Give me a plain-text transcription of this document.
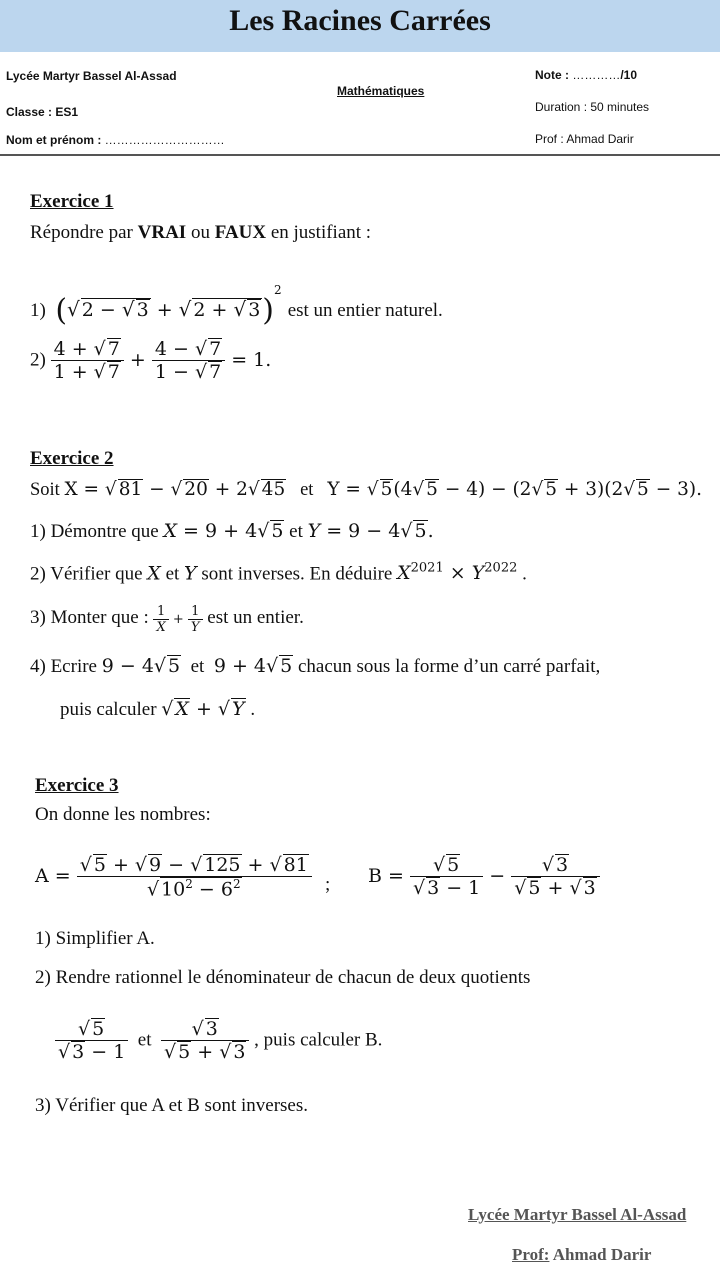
Les Racines Carrées
Lycée Martyr Bassel Al-Assad
Classe : ES1
Nom et prénom : …………………………
Mathématiques
Note : …………/10
Duration : 50 minutes
Prof : Ahmad Darir
Exercice 1
Répondre par VRAI ou FAUX en justifiant :
1) (√ 2 − √ 3 + √ 2 + √ 3)$^2$ est un entier naturel.
$2) \frac{4 + √ 7}{1 + √ 7} + \frac{4 - √ 7}{1 - √ 7} = 1$.
Exercice 2
Soit X = √ 81 − √ 20 + 2√ 45 et Y = √ 5(4√ 5 − 4) − (2√ 5 + 3)(2√ 5 − 3).
1) Démontre que X = 9 + 4√ 5 et Y = 9 − 4√ 5.
2) Vérifier que X et Y sont inverses. En déduire $X^{2021} \times Y^{2022}$ .
3) Monter que : $\frac{1}{X} + \frac{1}{Y}$ est un entier.
4) Ecrire 9 − 4√ 5  et  9 + 4√ 5 chacun sous la forme d’un carré parfait,
puis calculer √ X + √ Y .
Exercice 3
On donne les nombres:
$A = \frac{√ 5 + √ 9 - √ 125 + √ 81}{√ 10^2 - 6^2}$ ; $B = \frac{√ 5}{√ 3 - 1} - \frac{√ 3}{√ 5 + √ 3}$
1) Simplifier A.
2) Rendre rationnel le dénominateur de chacun de deux quotients
$\frac{√ 5}{√ 3 - 1}$ et $\frac{√ 3}{√ 5 + √ 3}$ , puis calculer B.
3) Vérifier que A et B sont inverses.
Lycée Martyr Bassel Al-Assad
Prof: Ahmad Darir
